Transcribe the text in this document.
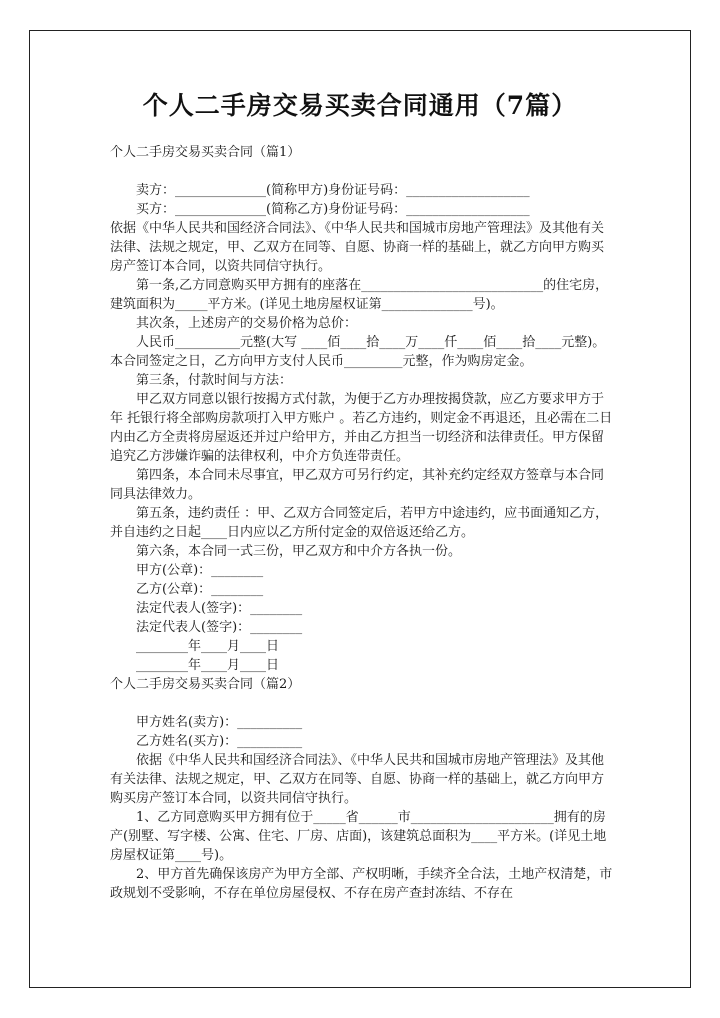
个人二手房交易买卖合同通用（7篇）

个人二手房交易买卖合同（篇1）

卖方：______________(简称甲方)身份证号码：___________________

买方：______________(简称乙方)身份证号码：___________________

依据《中华人民共和国经济合同法》、《中华人民共和国城市房地产管理法》及其他有关法律、法规之规定，甲、乙双方在同等、自愿、协商一样的基础上，就乙方向甲方购买房产签订本合同，以资共同信守执行。

第一条,乙方同意购买甲方拥有的座落在____________________________的住宅房，建筑面积为_____平方米。(详见土地房屋权证第______________号)。

其次条，上述房产的交易价格为总价：

人民币__________元整(大写 ____佰____拾____万____仟____佰____拾____元整)。本合同签定之日，乙方向甲方支付人民币_________元整，作为购房定金。

第三条，付款时间与方法：

甲乙双方同意以银行按揭方式付款，为便于乙方办理按揭贷款，应乙方要求甲方于 年 托银行将全部购房款项打入甲方账户 。若乙方违约，则定金不再退还，且必需在二日内由乙方全责将房屋返还并过户给甲方，并由乙方担当一切经济和法律责任。甲方保留追究乙方涉嫌诈骗的法律权利，中介方负连带责任。

第四条，本合同未尽事宜，甲乙双方可另行约定，其补充约定经双方签章与本合同同具法律效力。

第五条，违约责任 ：甲、乙双方合同签定后，若甲方中途违约，应书面通知乙方，并自违约之日起____日内应以乙方所付定金的双倍返还给乙方。

第六条，本合同一式三份，甲乙双方和中介方各执一份。

甲方(公章)：________

乙方(公章)：________

法定代表人(签字)：________

法定代表人(签字)：________

________年____月____日

________年____月____日

个人二手房交易买卖合同（篇2）

甲方姓名(卖方)：__________

乙方姓名(买方)：__________

依据《中华人民共和国经济合同法》、《中华人民共和国城市房地产管理法》及其他有关法律、法规之规定，甲、乙双方在同等、自愿、协商一样的基础上，就乙方向甲方购买房产签订本合同，以资共同信守执行。

1、乙方同意购买甲方拥有位于_____省______市______________________拥有的房产(别墅、写字楼、公寓、住宅、厂房、店面)，该建筑总面积为____平方米。(详见土地房屋权证第____号)。

2、甲方首先确保该房产为甲方全部、产权明晰，手续齐全合法，土地产权清楚，市政规划不受影响，不存在单位房屋侵权、不存在房产查封冻结、不存在
